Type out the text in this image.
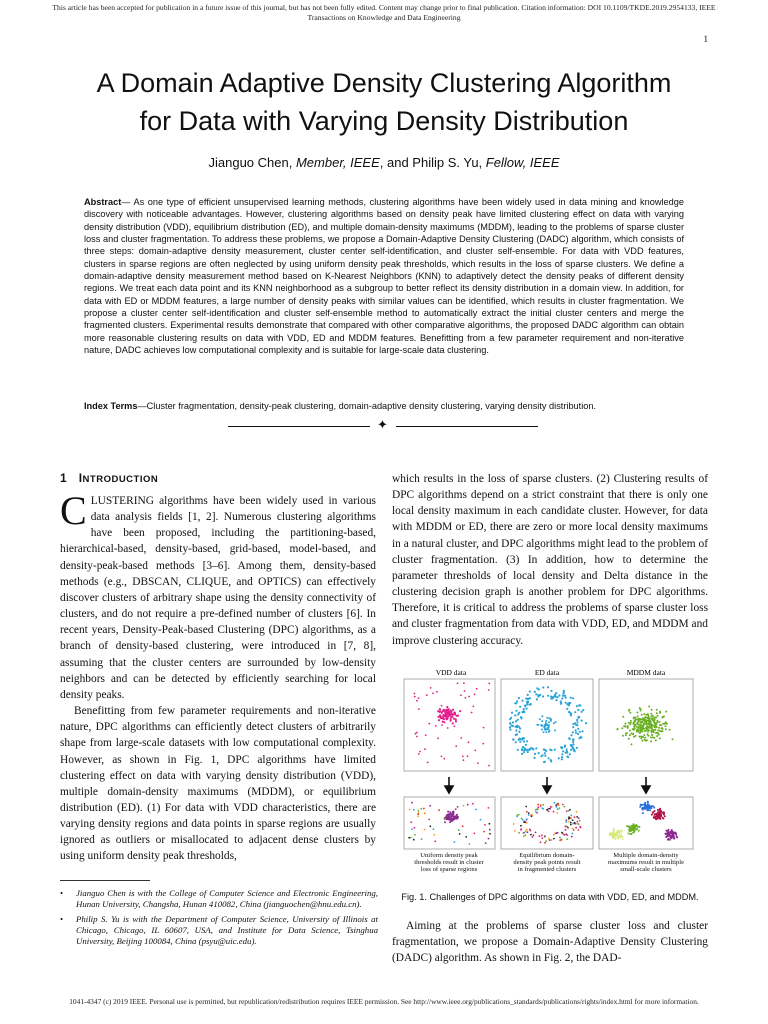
This article has been accepted for publication in a future issue of this journal, but has not been fully edited. Content may change prior to final publication. Citation information: DOI 10.1109/TKDE.2019.2954133, IEEE
Transactions on Knowledge and Data Engineering
1
A Domain Adaptive Density Clustering Algorithm
for Data with Varying Density Distribution
Jianguo Chen, Member, IEEE, and Philip S. Yu, Fellow, IEEE
Abstract— As one type of efficient unsupervised learning methods, clustering algorithms have been widely used in data mining and knowledge discovery with noticeable advantages. However, clustering algorithms based on density peak have limited clustering effect on data with varying density distribution (VDD), equilibrium distribution (ED), and multiple domain-density maximums (MDDM), leading to the problems of sparse cluster loss and cluster fragmentation. To address these problems, we propose a Domain-Adaptive Density Clustering (DADC) algorithm, which consists of three steps: domain-adaptive density measurement, cluster center self-identification, and cluster self-ensemble. For data with VDD features, clusters in sparse regions are often neglected by using uniform density peak thresholds, which results in the loss of sparse clusters. We define a domain-adaptive density measurement method based on K-Nearest Neighbors (KNN) to adaptively detect the density peaks of different density regions. We treat each data point and its KNN neighborhood as a subgroup to better reflect its density distribution in a domain view. In addition, for data with ED or MDDM features, a large number of density peaks with similar values can be identified, which results in cluster fragmentation. We propose a cluster center self-identification and cluster self-ensemble method to automatically extract the initial cluster centers and merge the fragmented clusters. Experimental results demonstrate that compared with other comparative algorithms, the proposed DADC algorithm can obtain more reasonable clustering results on data with VDD, ED and MDDM features. Benefitting from a few parameter requirement and non-iterative nature, DADC achieves low computational complexity and is suitable for large-scale data clustering.
Index Terms—Cluster fragmentation, density-peak clustering, domain-adaptive density clustering, varying density distribution.
✦
1 INTRODUCTION

CLUSTERING algorithms have been widely used in various data analysis fields [1, 2]. Numerous clustering algorithms have been proposed, including the partitioning-based, hierarchical-based, density-based, grid-based, model-based, and density-peak-based methods [3–6]. Among them, density-based methods (e.g., DBSCAN, CLIQUE, and OPTICS) can effectively discover clusters of arbitrary shape using the density connectivity of clusters, and do not require a pre-defined number of clusters [6]. In recent years, Density-Peak-based Clustering (DPC) algorithms, as a branch of density-based clustering, were introduced in [7, 8], assuming that the cluster centers are surrounded by low-density neighbors and can be detected by efficiently searching for local density peaks.

Benefitting from few parameter requirements and non-iterative nature, DPC algorithms can efficiently detect clusters of arbitrarily shape from large-scale datasets with low computational complexity. However, as shown in Fig. 1, DPC algorithms have limited clustering effect on data with varying density distribution (VDD), multiple domain-density maximums (MDDM), or equilibrium distribution (ED). (1) For data with VDD characteristics, there are varying density regions and data points in sparse regions are usually ignored as outliers or misallocated to adjacent dense clusters by using uniform density peak thresholds,

• Jianguo Chen is with the College of Computer Science and Electronic Engineering, Hunan University, Changsha, Hunan 410082, China (jianguochen@hnu.edu.cn).
• Philip S. Yu is with the Department of Computer Science, University of Illinois at Chicago, Chicago, IL 60607, USA, and Institute for Data Science, Tsinghua University, Beijing 100084, China (psyu@uic.edu).

which results in the loss of sparse clusters. (2) Clustering results of DPC algorithms depend on a strict constraint that there is only one local density maximum in each candidate cluster. However, for data with MDDM or ED, there are zero or more local density maximums in a natural cluster, and DPC algorithms might lead to the problem of cluster fragmentation. (3) In addition, how to determine the parameter thresholds of local density and Delta distance in the clustering decision graph is another problem for DPC algorithms. Therefore, it is critical to address the problems of sparse cluster loss and cluster fragmentation from data with VDD, ED, and MDDM and improve clustering accuracy.

VDD data	ED data	MDDM data
Uniform density peak
thresholds result in cluster
loss of sparse regions
Equilibrium domain-
density peak points result
in fragmented clusters
Multiple domain-density
maximums result in multiple
small-scale clusters
Fig. 1. Challenges of DPC algorithms on data with VDD, ED, and MDDM.

Aiming at the problems of sparse cluster loss and cluster fragmentation, we propose a Domain-Adaptive Density Clustering (DADC) algorithm. As shown in Fig. 2, the DAD-

1041-4347 (c) 2019 IEEE. Personal use is permitted, but republication/redistribution requires IEEE permission. See http://www.ieee.org/publications_standards/publications/rights/index.html for more information.
